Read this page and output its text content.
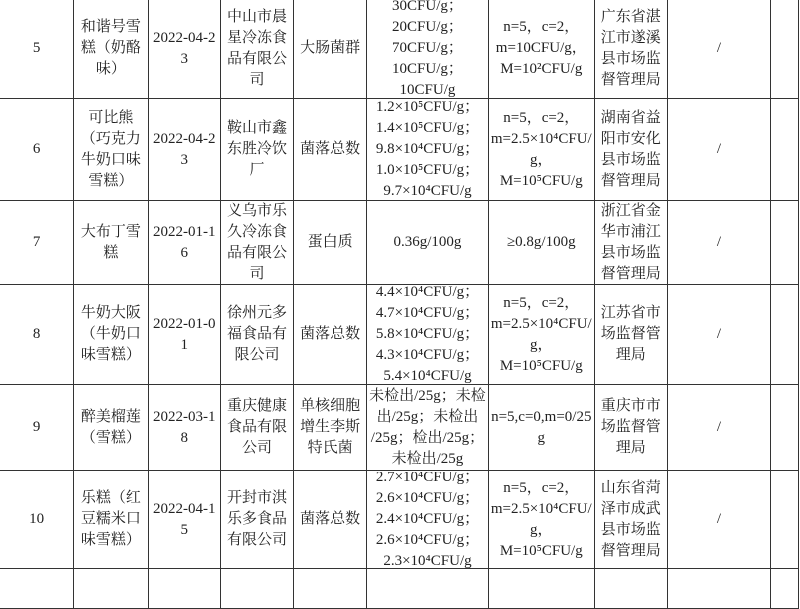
5	和谐号雪糕（奶酪味）	2022-04-23	中山市晨星冷冻食品有限公司	大肠菌群	30CFU/g；
20CFU/g；
70CFU/g；
10CFU/g；
10CFU/g	n=5，c=2，
m=10CFU/g，
M=10²CFU/g	广东省湛江市遂溪县市场监督管理局	/	

6	可比熊（巧克力牛奶口味雪糕）	2022-04-23	鞍山市鑫东胜冷饮厂	菌落总数	1.2×10⁵CFU/g；
1.4×10⁵CFU/g；
9.8×10⁴CFU/g；
1.0×10⁵CFU/g；
9.7×10⁴CFU/g	n=5，c=2，
m=2.5×10⁴CFU/
g，
M=10⁵CFU/g	湖南省益阳市安化县市场监督管理局	/	

7	大布丁雪糕	2022-01-16	义乌市乐久冷冻食品有限公司	蛋白质	0.36g/100g	≥0.8g/100g	浙江省金华市浦江县市场监督管理局	/	

8	牛奶大阪（牛奶口味雪糕）	2022-01-01	徐州元多福食品有限公司	菌落总数	4.4×10⁴CFU/g；
4.7×10⁴CFU/g；
5.8×10⁴CFU/g；
4.3×10⁴CFU/g；
5.4×10⁴CFU/g	n=5，c=2，
m=2.5×10⁴CFU/
g，
M=10⁵CFU/g	江苏省市场监督管理局	/	

9	醉美榴莲（雪糕）	2022-03-18	重庆健康食品有限公司	单核细胞增生李斯特氏菌	未检出/25g；未检
出/25g；未检出
/25g；检出/25g；
未检出/25g	n=5,c=0,m=0/25
g	重庆市市场监督管理局	/	

10	乐糕（红豆糯米口味雪糕）	2022-04-15	开封市淇乐多食品有限公司	菌落总数	2.7×10⁴CFU/g；
2.6×10⁴CFU/g；
2.4×10⁴CFU/g；
2.6×10⁴CFU/g；
2.3×10⁴CFU/g	n=5，c=2，
m=2.5×10⁴CFU/
g，
M=10⁵CFU/g	山东省菏泽市成武县市场监督管理局	/	
